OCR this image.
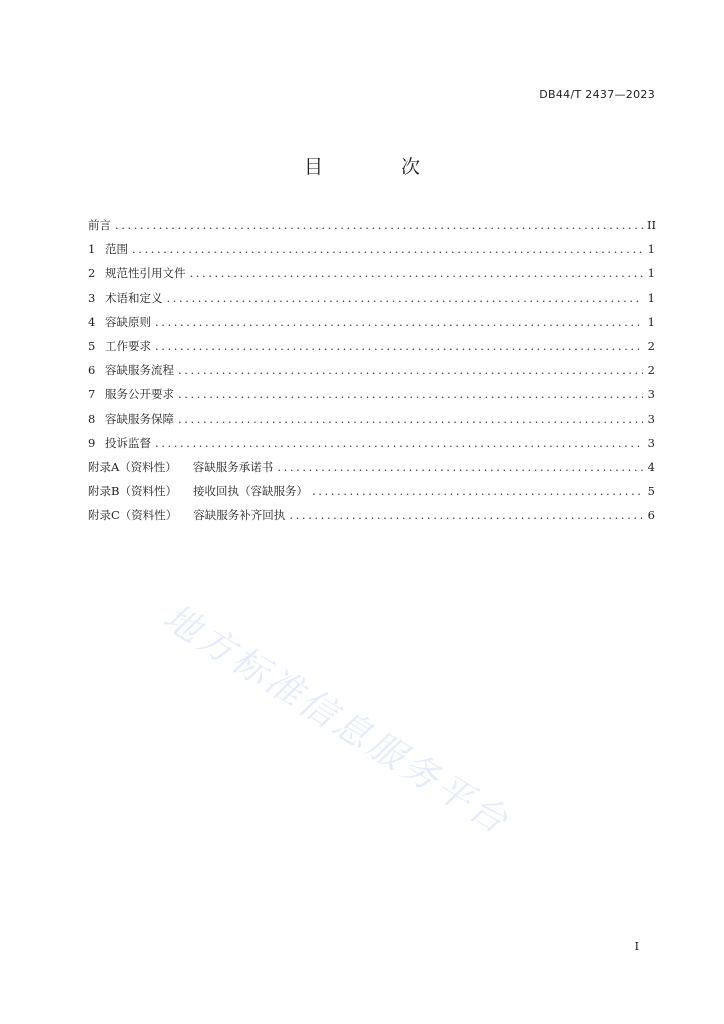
DB44/T 2437—2023
目 次
前言 .....	II
1 范围 .....	1
2 规范性引用文件 .....	1
3 术语和定义 .....	1
4 容缺原则 .....	1
5 工作要求 .....	2
6 容缺服务流程 .....	2
7 服务公开要求 .....	3
8 容缺服务保障 .....	3
9 投诉监督 .....	3
附录A（资料性） 容缺服务承诺书 .....	4
附录B（资料性） 接收回执（容缺服务） .....	5
附录C（资料性） 容缺服务补齐回执 .....	6
地方标准信息服务平台
I
